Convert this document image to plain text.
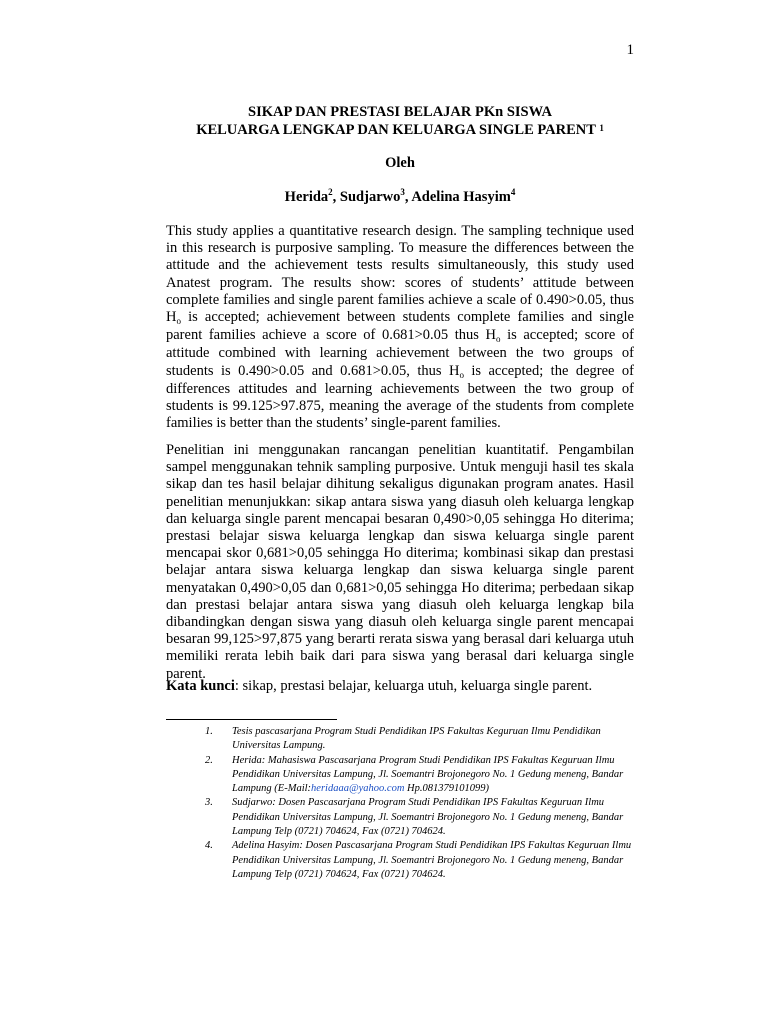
1
SIKAP DAN PRESTASI BELAJAR PKn SISWA
KELUARGA LENGKAP DAN KELUARGA SINGLE PARENT $^1$
Oleh
Herida$^2$, Sudjarwo$^3$, Adelina Hasyim$^4$

This study applies a quantitative research design. The sampling technique used in this research is purposive sampling. To measure the differences between the attitude and the achievement tests results simultaneously, this study used Anatest program. The results show: scores of students’ attitude between complete families and single parent families achieve a scale of 0.490>0.05, thus $H_o$ is accepted; achievement between students complete families and single parent families achieve a score of 0.681>0.05 thus $H_o$ is accepted; score of attitude combined with learning achievement between the two groups of students is 0.490>0.05 and 0.681>0.05, thus $H_o$ is accepted; the degree of differences attitudes and learning achievements between the two group of students is 99.125>97.875, meaning the average of the students from complete families is better than the students’ single-parent families.

Penelitian ini menggunakan rancangan penelitian kuantitatif. Pengambilan sampel menggunakan tehnik sampling purposive. Untuk menguji hasil tes skala sikap dan tes hasil belajar dihitung sekaligus digunakan program anates. Hasil penelitian menunjukkan: sikap antara siswa yang diasuh oleh keluarga lengkap dan keluarga single parent mencapai besaran 0,490>0,05 sehingga Ho diterima; prestasi belajar siswa keluarga lengkap dan siswa keluarga single parent mencapai skor 0,681>0,05 sehingga Ho diterima; kombinasi sikap dan prestasi belajar antara siswa keluarga lengkap dan siswa keluarga single parent menyatakan 0,490>0,05 dan 0,681>0,05 sehingga Ho diterima; perbedaan sikap dan prestasi belajar antara siswa yang diasuh oleh keluarga lengkap bila dibandingkan dengan siswa yang diasuh oleh keluarga single parent mencapai besaran 99,125>97,875 yang berarti rerata siswa yang berasal dari keluarga utuh memiliki rerata lebih baik dari para siswa yang berasal dari keluarga single parent.

Kata kunci: sikap, prestasi belajar, keluarga utuh, keluarga single parent.
1. Tesis pascasarjana Program Studi Pendidikan IPS Fakultas Keguruan Ilmu Pendidikan Universitas Lampung.
2. Herida: Mahasiswa Pascasarjana Program Studi Pendidikan IPS Fakultas Keguruan Ilmu Pendidikan Universitas Lampung, Jl. Soemantri Brojonegoro No. 1 Gedung meneng, Bandar Lampung (E-Mail:heridaaa@yahoo.com Hp.081379101099)
3. Sudjarwo: Dosen Pascasarjana Program Studi Pendidikan IPS Fakultas Keguruan Ilmu Pendidikan Universitas Lampung, Jl. Soemantri Brojonegoro No. 1 Gedung meneng, Bandar Lampung Telp (0721) 704624, Fax (0721) 704624.
4. Adelina Hasyim: Dosen Pascasarjana Program Studi Pendidikan IPS Fakultas Keguruan Ilmu Pendidikan Universitas Lampung, Jl. Soemantri Brojonegoro No. 1 Gedung meneng, Bandar Lampung Telp (0721) 704624, Fax (0721) 704624.
